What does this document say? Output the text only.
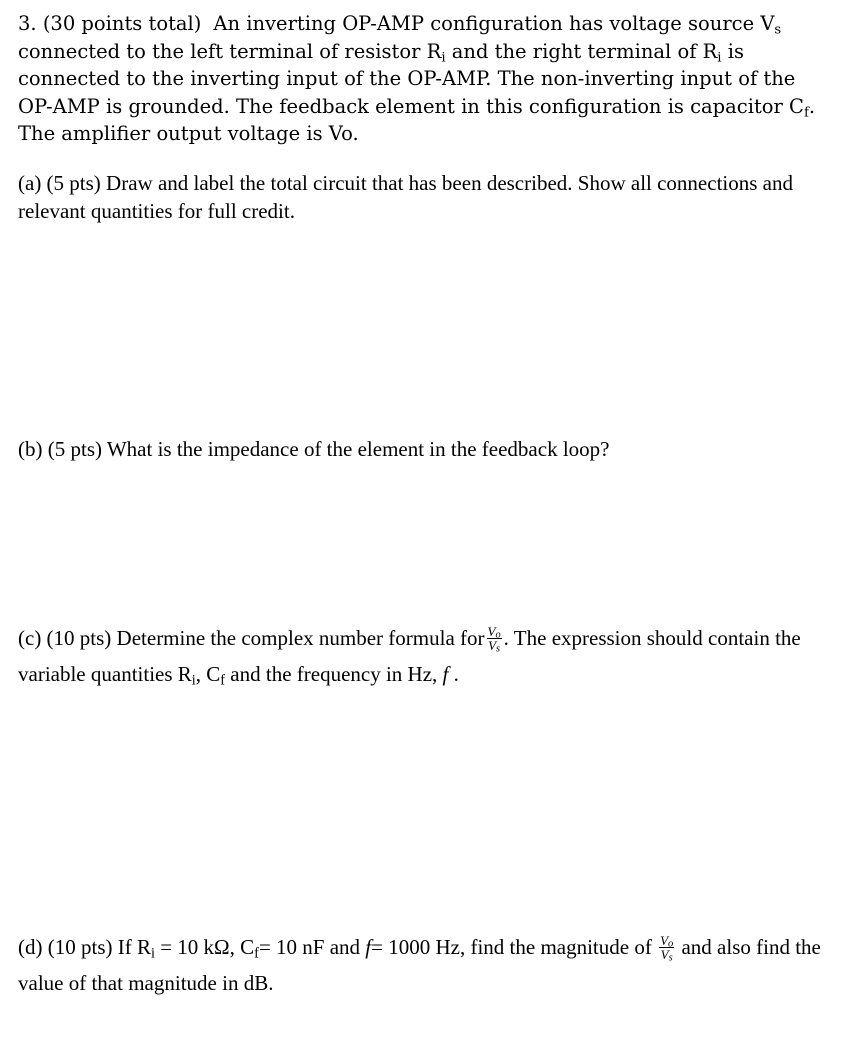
3. (30 points total) An inverting OP-AMP configuration has voltage source $V_s$ connected to the left terminal of resistor $R_i$ and the right terminal of $R_i$ is connected to the inverting input of the OP-AMP. The non-inverting input of the OP-AMP is grounded. The feedback element in this configuration is capacitor $C_f$. The amplifier output voltage is Vo.

(a) (5 pts) Draw and label the total circuit that has been described. Show all connections and relevant quantities for full credit.

(b) (5 pts) What is the impedance of the element in the feedback loop?

(c) (10 pts) Determine the complex number formula for $\frac{V_o}{V_s}$ . The expression should contain the variable quantities $R_i$, $C_f$ and the frequency in Hz, f .

(d) (10 pts) If $R_i = 10$ kΩ, $C_f= 10$ nF and f= 1000 Hz, find the magnitude of $\frac{V_o}{V_s}$ and also find the value of that magnitude in dB.
